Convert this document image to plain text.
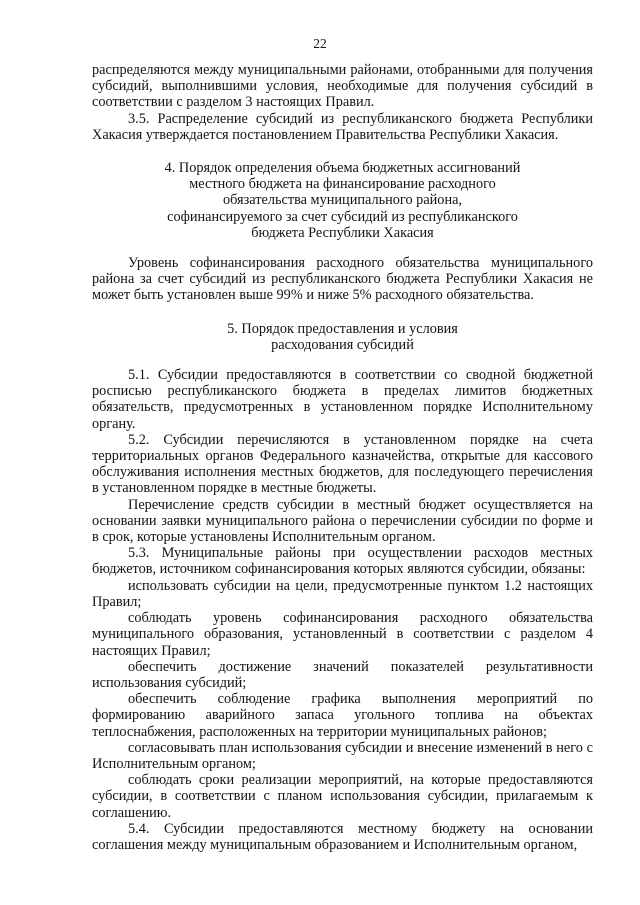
22

распределяются между муниципальными районами, отобранными для получения субсидий, выполнившими условия, необходимые для получения субсидий в соответствии с разделом 3 настоящих Правил.

3.5. Распределение субсидий из республиканского бюджета Республики Хакасия утверждается постановлением Правительства Республики Хакасия.

4. Порядок определения объема бюджетных ассигнований

местного бюджета на финансирование расходного

обязательства муниципального района,

софинансируемого за счет субсидий из республиканского

бюджета Республики Хакасия

Уровень софинансирования расходного обязательства муниципального района за счет субсидий из республиканского бюджета Республики Хакасия не может быть установлен выше 99% и ниже 5% расходного обязательства.

5. Порядок предоставления и условия

расходования субсидий

5.1. Субсидии предоставляются в соответствии со сводной бюджетной росписью республиканского бюджета в пределах лимитов бюджетных обязательств, предусмотренных в установленном порядке Исполнительному органу.

5.2. Субсидии перечисляются в установленном порядке на счета территориальных органов Федерального казначейства, открытые для кассового обслуживания исполнения местных бюджетов, для последующего перечисления в установленном порядке в местные бюджеты.

Перечисление средств субсидии в местный бюджет осуществляется на основании заявки муниципального района о перечислении субсидии по форме и в срок, которые установлены Исполнительным органом.

5.3. Муниципальные районы при осуществлении расходов местных бюджетов, источником софинансирования которых являются субсидии, обязаны:

использовать субсидии на цели, предусмотренные пунктом 1.2 настоящих Правил;

соблюдать уровень софинансирования расходного обязательства муниципального образования, установленный в соответствии с разделом 4 настоящих Правил;

обеспечить достижение значений показателей результативности использования субсидий;

обеспечить соблюдение графика выполнения мероприятий по формированию аварийного запаса угольного топлива на объектах теплоснабжения, расположенных на территории муниципальных районов;

согласовывать план использования субсидии и внесение изменений в него с Исполнительным органом;

соблюдать сроки реализации мероприятий, на которые предоставляются субсидии, в соответствии с планом использования субсидии, прилагаемым к соглашению.

5.4. Субсидии предоставляются местному бюджету на основании соглашения между муниципальным образованием и Исполнительным органом,
